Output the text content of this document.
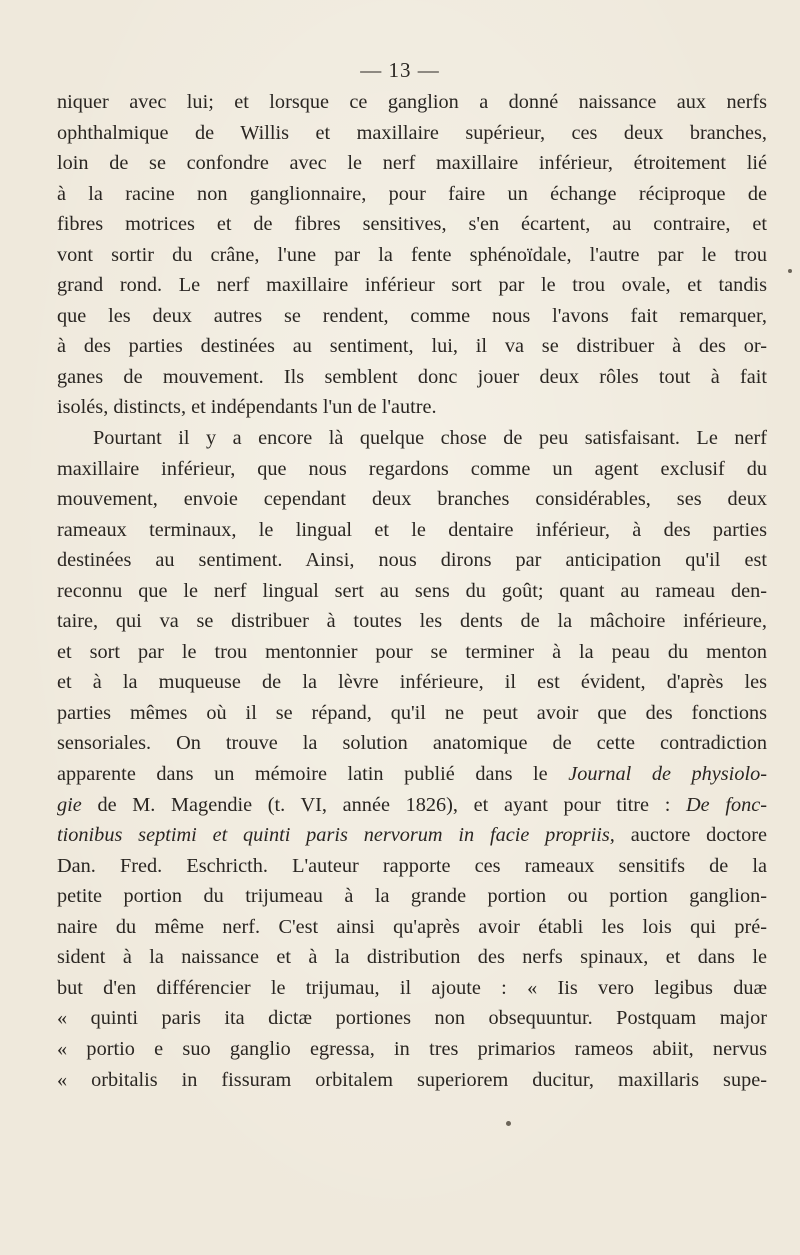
— 13 —
niquer avec lui; et lorsque ce ganglion a donné naissance aux nerfs
ophthalmique de Willis et maxillaire supérieur, ces deux branches,
loin de se confondre avec le nerf maxillaire inférieur, étroitement lié
à la racine non ganglionnaire, pour faire un échange réciproque de
fibres motrices et de fibres sensitives, s'en écartent, au contraire, et
vont sortir du crâne, l'une par la fente sphénoïdale, l'autre par le trou
grand rond. Le nerf maxillaire inférieur sort par le trou ovale, et tandis
que les deux autres se rendent, comme nous l'avons fait remarquer,
à des parties destinées au sentiment, lui, il va se distribuer à des or-
ganes de mouvement. Ils semblent donc jouer deux rôles tout à fait
isolés, distincts, et indépendants l'un de l'autre.
Pourtant il y a encore là quelque chose de peu satisfaisant. Le nerf
maxillaire inférieur, que nous regardons comme un agent exclusif du
mouvement, envoie cependant deux branches considérables, ses deux
rameaux terminaux, le lingual et le dentaire inférieur, à des parties
destinées au sentiment. Ainsi, nous dirons par anticipation qu'il est
reconnu que le nerf lingual sert au sens du goût; quant au rameau den-
taire, qui va se distribuer à toutes les dents de la mâchoire inférieure,
et sort par le trou mentonnier pour se terminer à la peau du menton
et à la muqueuse de la lèvre inférieure, il est évident, d'après les
parties mêmes où il se répand, qu'il ne peut avoir que des fonctions
sensoriales. On trouve la solution anatomique de cette contradiction
apparente dans un mémoire latin publié dans le Journal de physiolo-
gie de M. Magendie (t. VI, année 1826), et ayant pour titre : De fonc-
tionibus septimi et quinti paris nervorum in facie propriis, auctore doctore
Dan. Fred. Eschricth. L'auteur rapporte ces rameaux sensitifs de la
petite portion du trijumeau à la grande portion ou portion ganglion-
naire du même nerf. C'est ainsi qu'après avoir établi les lois qui pré-
sident à la naissance et à la distribution des nerfs spinaux, et dans le
but d'en différencier le trijumau, il ajoute : « Iis vero legibus duæ
« quinti paris ita dictæ portiones non obsequuntur. Postquam major
« portio e suo ganglio egressa, in tres primarios rameos abiit, nervus
« orbitalis in fissuram orbitalem superiorem ducitur, maxillaris supe-
